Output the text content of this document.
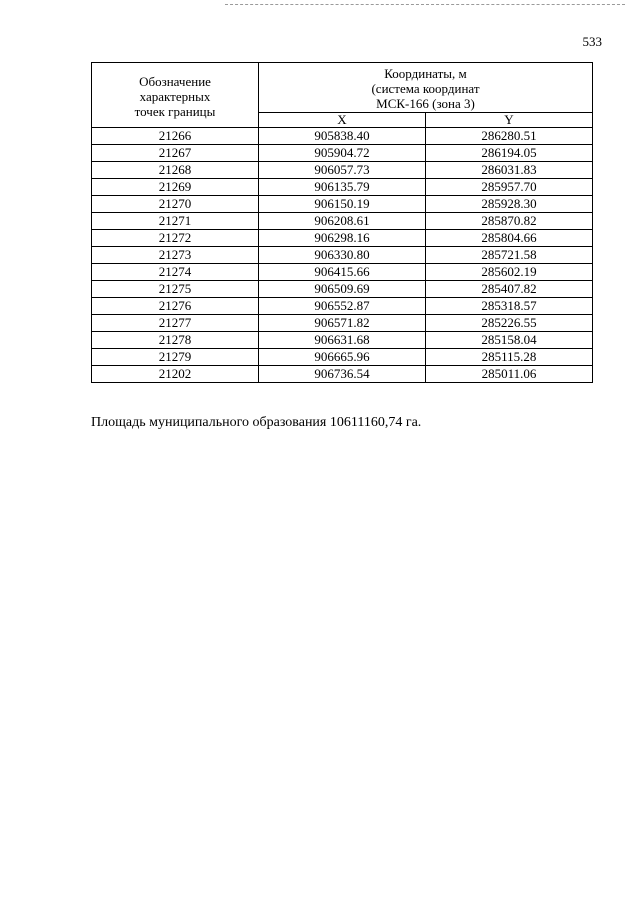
533
Обозначение
характерных
точек границы	Координаты, м
(система координат
МСК-166 (зона 3)	

	X	Y
21266	905838.40	286280.51
21267	905904.72	286194.05
21268	906057.73	286031.83
21269	906135.79	285957.70
21270	906150.19	285928.30
21271	906208.61	285870.82
21272	906298.16	285804.66
21273	906330.80	285721.58
21274	906415.66	285602.19
21275	906509.69	285407.82
21276	906552.87	285318.57
21277	906571.82	285226.55
21278	906631.68	285158.04
21279	906665.96	285115.28
21202	906736.54	285011.06
Площадь муниципального образования 10611160,74 га.
